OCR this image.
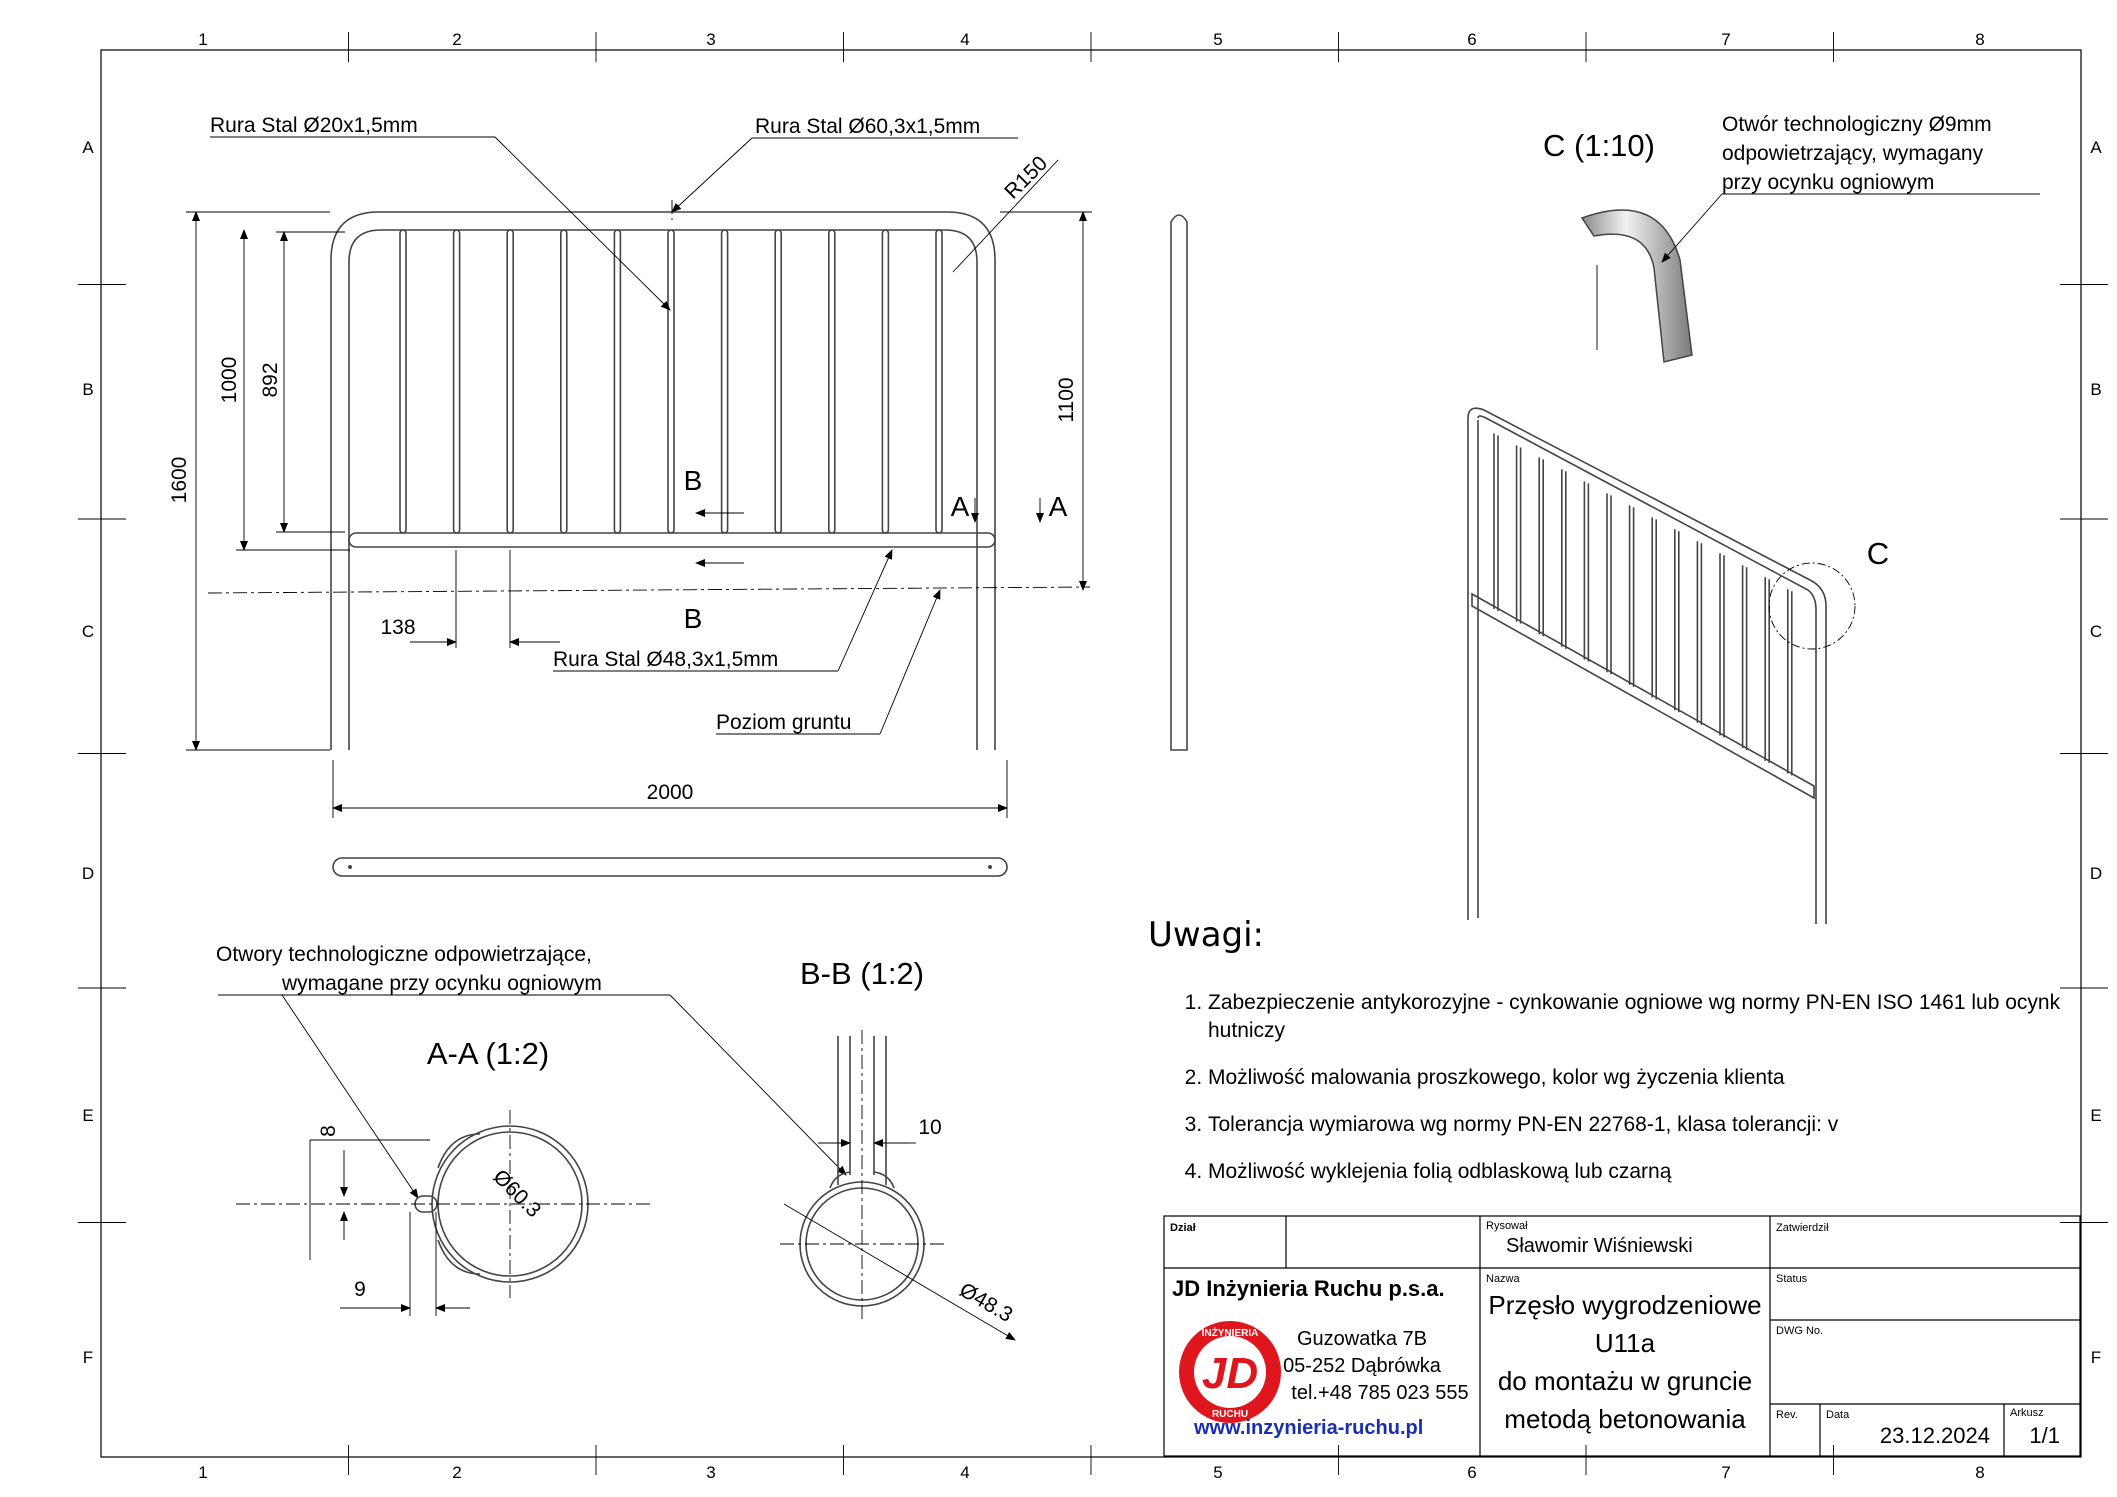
1	2	3	4	5	6	7	8
1	2	3	4	5	6	7	8
A
B
C
D
E
F
A
B
C
D
E
F
1600
1000 892	1100
138
2000
B
B
A	A
Rura Stal Ø20x1,5mm	Rura Stal Ø60,3x1,5mm
R150
Rura Stal Ø48,3x1,5mm
Poziom gruntu
C (1:10)
Otwór technologiczny Ø9mm
odpowietrzający, wymagany
przy ocynku ogniowym
C
A-A (1:2)
Otwory technologiczne odpowietrzające,
wymagane przy ocynku ogniowym
8
9
Ø60.3
B-B (1:2)
10
Ø48.3
Dział	Rysował
Sławomir Wiśniewski
Zatwierdził
JD Inżynieria Ruchu p.s.a.
JD
INŻYNIERIA
RUCHU
Guzowatka 7B
05-252 Dąbrówka
tel.+48 785 023 555
Nazwa
Przęsło wygrodzeniowe
U11a
do montażu w gruncie
metodą betonowania
Status
DWG No.
Rev.	Data
23.12.2024
Arkusz
1/1
Uwagi:
1. Zabezpieczenie antykorozyjne - cynkowanie ogniowe wg normy PN-EN ISO 1461 lub ocynk hutniczy
2. Możliwość malowania proszkowego, kolor wg życzenia klienta
3. Tolerancja wymiarowa wg normy PN-EN 22768-1, klasa tolerancji: v
4. Możliwość wyklejenia folią odblaskową lub czarną
www.inzynieria-ruchu.pl
